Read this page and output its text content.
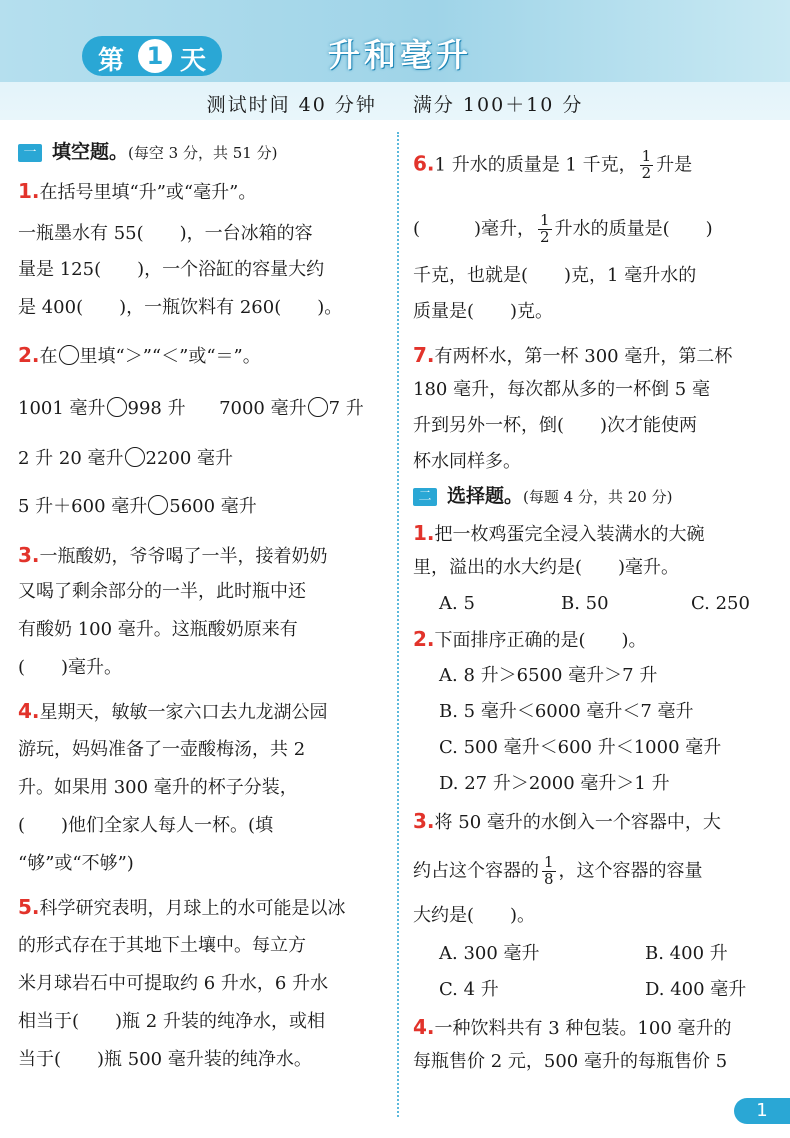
第 1 天	升和毫升
测试时间 40 分钟 满分 100＋10 分
一 填空题。(每空 3 分，共 51 分)
1.在括号里填“升”或“毫升”。
一瓶墨水有 55(　　)，一台冰箱的容
量是 125(　　)，一个浴缸的容量大约
是 400(　　)，一瓶饮料有 260(　　)。
2.在 里填“＞”“＜”或“＝”。
1001 毫升 998 升 7000 毫升 7 升
2 升 20 毫升 2200 毫升
5 升＋600 毫升 5600 毫升
3.一瓶酸奶，爷爷喝了一半，接着奶奶
又喝了剩余部分的一半，此时瓶中还
有酸奶 100 毫升。这瓶酸奶原来有
(　　)毫升。
4.星期天，敏敏一家六口去九龙湖公园
游玩，妈妈准备了一壶酸梅汤，共 2
升。如果用 300 毫升的杯子分装，
(　　)他们全家人每人一杯。(填
“够”或“不够”)
5.科学研究表明，月球上的水可能是以冰
的形式存在于其地下土壤中。每立方
米月球岩石中可提取约 6 升水，6 升水
相当于(　　)瓶 2 升装的纯净水，或相
当于(　　)瓶 500 毫升装的纯净水。
6.1 升水的质量是 1 千克， $\frac{1}{2}$ 升是
(　　　)毫升， $\frac{1}{2}$ 升水的质量是(　　)
千克，也就是(　　)克，1 毫升水的
质量是(　　)克。
7.有两杯水，第一杯 300 毫升，第二杯
180 毫升，每次都从多的一杯倒 5 毫
升到另外一杯，倒(　　)次才能使两
杯水同样多。
二 选择题。(每题 4 分，共 20 分)
1.把一枚鸡蛋完全浸入装满水的大碗
里，溢出的水大约是(　　)毫升。
A. 5	B. 50	C. 250
2.下面排序正确的是(　　)。
A. 8 升＞6500 毫升＞7 升
B. 5 毫升＜6000 毫升＜7 毫升
C. 500 毫升＜600 升＜1000 毫升
D. 27 升＞2000 毫升＞1 升
3.将 50 毫升的水倒入一个容器中，大
约占这个容器的 $\frac{1}{8}$ ，这个容器的容量
大约是(　　)。
A. 300 毫升	B. 400 升
C. 4 升	D. 400 毫升
4.一种饮料共有 3 种包装。100 毫升的
每瓶售价 2 元，500 毫升的每瓶售价 5
1
